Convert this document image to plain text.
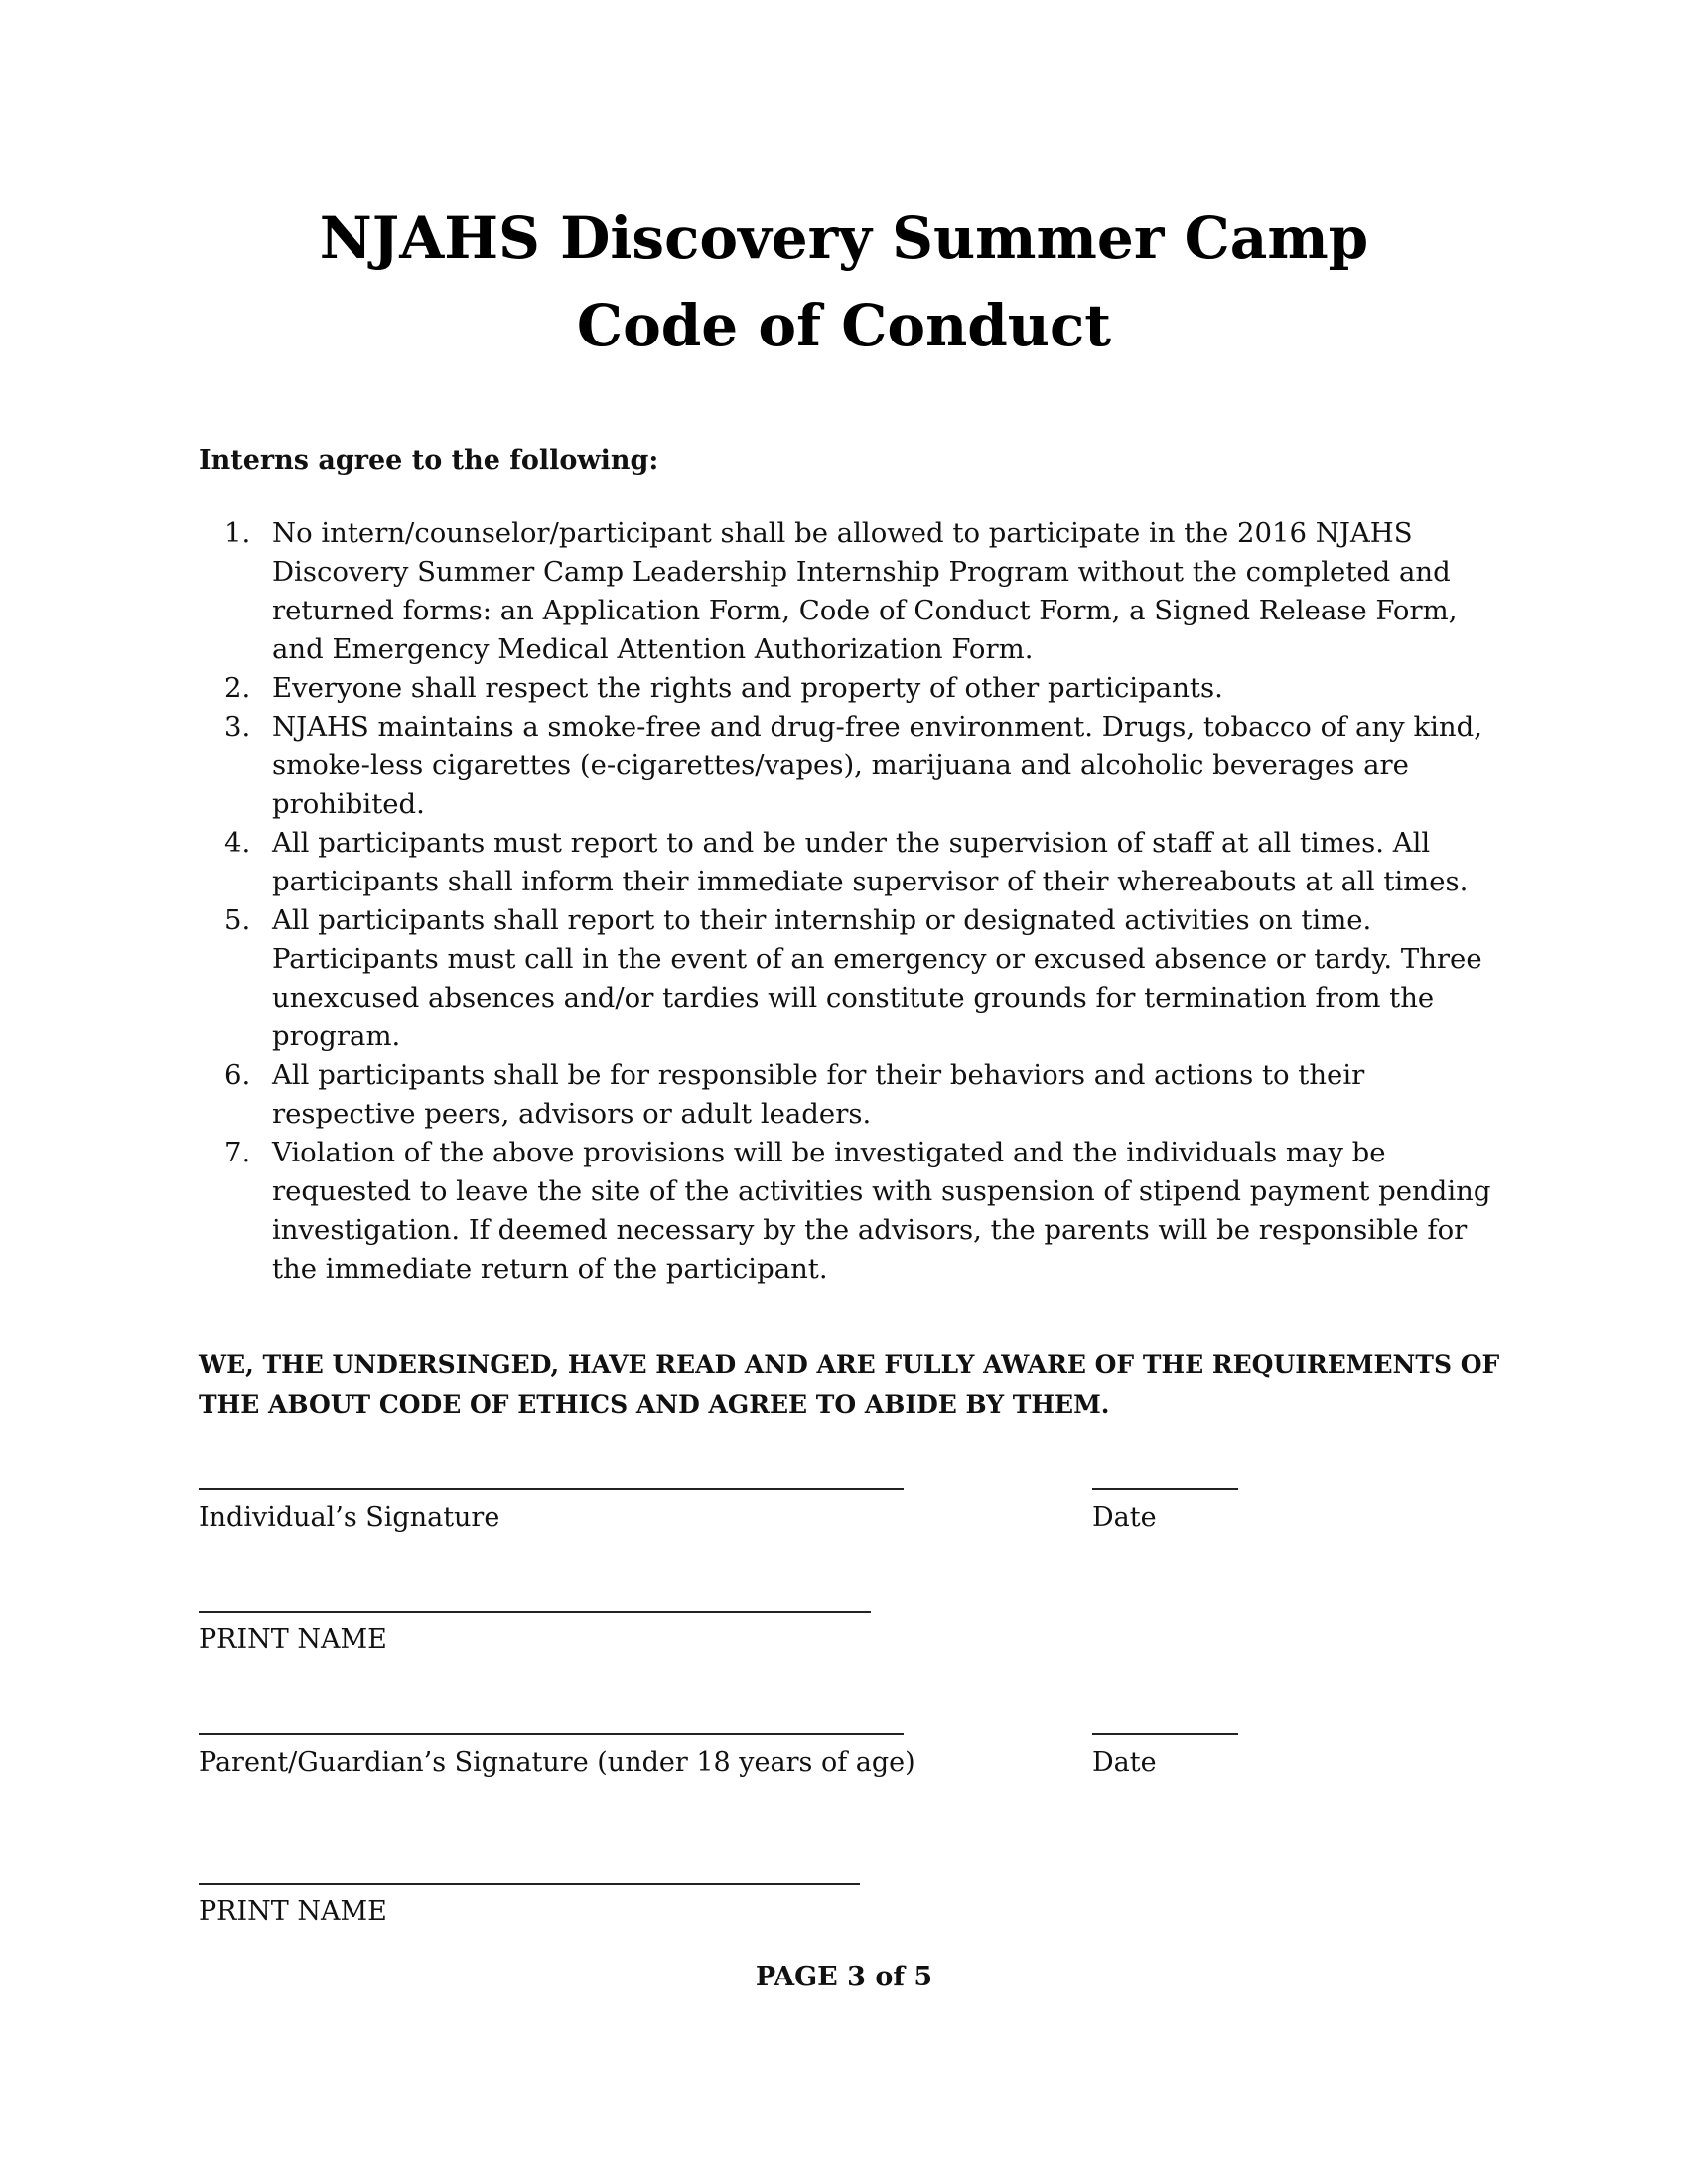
NJAHS Discovery Summer Camp
Code of Conduct

Interns agree to the following:

1. No intern/counselor/participant shall be allowed to participate in the 2016 NJAHS Discovery Summer Camp Leadership Internship Program without the completed and returned forms: an Application Form, Code of Conduct Form, a Signed Release Form, and Emergency Medical Attention Authorization Form.
2. Everyone shall respect the rights and property of other participants.
3. NJAHS maintains a smoke-free and drug-free environment. Drugs, tobacco of any kind, smoke-less cigarettes (e-cigarettes/vapes), marijuana and alcoholic beverages are prohibited.
4. All participants must report to and be under the supervision of staff at all times. All participants shall inform their immediate supervisor of their whereabouts at all times.
5. All participants shall report to their internship or designated activities on time. Participants must call in the event of an emergency or excused absence or tardy. Three unexcused absences and/or tardies will constitute grounds for termination from the program.
6. All participants shall be for responsible for their behaviors and actions to their respective peers, advisors or adult leaders.
7. Violation of the above provisions will be investigated and the individuals may be requested to leave the site of the activities with suspension of stipend payment pending investigation. If deemed necessary by the advisors, the parents will be responsible for the immediate return of the participant.

WE, THE UNDERSINGED, HAVE READ AND ARE FULLY AWARE OF THE REQUIREMENTS OF THE ABOUT CODE OF ETHICS AND AGREE TO ABIDE BY THEM.

Individual’s Signature	Date

PRINT NAME

Parent/Guardian’s Signature (under 18 years of age)	Date

PRINT NAME

PAGE 3 of 5
